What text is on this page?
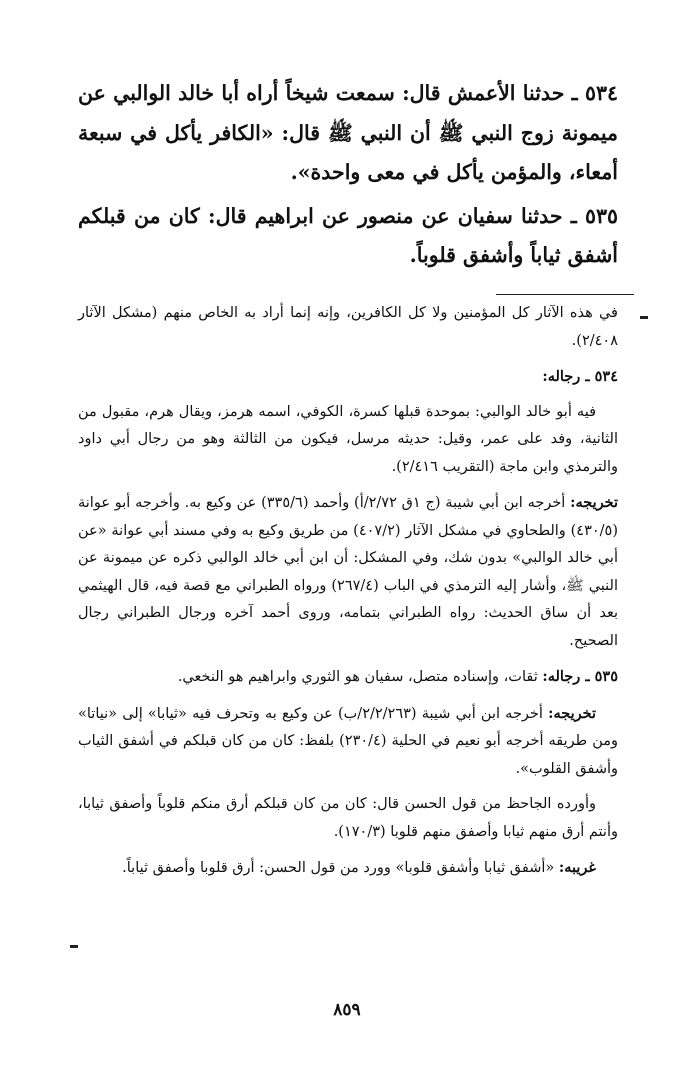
٥٣٤ ـ حدثنا الأعمش قال: سمعت شيخاً أراه أبا خالد الوالبي عن ميمونة زوج النبي ﷺ أن النبي ﷺ قال: «الكافر يأكل في سبعة أمعاء، والمؤمن يأكل في معى واحدة».

٥٣٥ ـ حدثنا سفيان عن منصور عن ابراهيم قال: كان من قبلكم أشفق ثياباً وأشفق قلوباً.

في هذه الآثار كل المؤمنين ولا كل الكافرين، وإنه إنما أراد به الخاص منهم (مشكل الآثار ٢/٤٠٨).

٥٣٤ ـ رجاله:

فيه أبو خالد الوالبي: بموحدة قبلها كسرة، الكوفي، اسمه هرمز، ويقال هرم، مقبول من الثانية، وفد على عمر، وقيل: حديثه مرسل، فيكون من الثالثة وهو من رجال أبي داود والترمذي وابن ماجة (التقريب ٢/٤١٦).

تخريجه: أخرجه ابن أبي شيبة (ج ١ق ٢/٧٢/أ) وأحمد (٣٣٥/٦) عن وكيع به. وأخرجه أبو عوانة (٤٣٠/٥) والطحاوي في مشكل الآثار (٤٠٧/٢) من طريق وكيع به وفي مسند أبي عوانة «عن أبي خالد الوالبي» بدون شك، وفي المشكل: أن ابن أبي خالد الوالبي ذكره عن ميمونة عن النبي ﷺ، وأشار إليه الترمذي في الباب (٢٦٧/٤) ورواه الطبراني مع قصة فيه، قال الهيثمي بعد أن ساق الحديث: رواه الطبراني بتمامه، وروى أحمد آخره ورجال الطبراني رجال الصحيح.

٥٣٥ ـ رجاله: ثقات، وإسناده متصل، سفيان هو الثوري وابراهيم هو النخعي.

تخريجه: أخرجه ابن أبي شيبة (٢/٢/٢٦٣/ب) عن وكيع به وتحرف فيه «ثيابا» إلى «نياتا» ومن طريقه أخرجه أبو نعيم في الحلية (٢٣٠/٤) بلفظ: كان من كان قبلكم في أشفق الثياب وأشفق القلوب».

وأورده الجاحظ من قول الحسن قال: كان من كان قبلكم أرق منكم قلوباً وأصفق ثيابا، وأنتم أرق منهم ثيابا وأصفق منهم قلوبا (١٧٠/٣).

غريبه: «أشفق ثيابا وأشفق قلوبا» وورد من قول الحسن: أرق قلوبا وأصفق ثياباً.

٨٥٩
